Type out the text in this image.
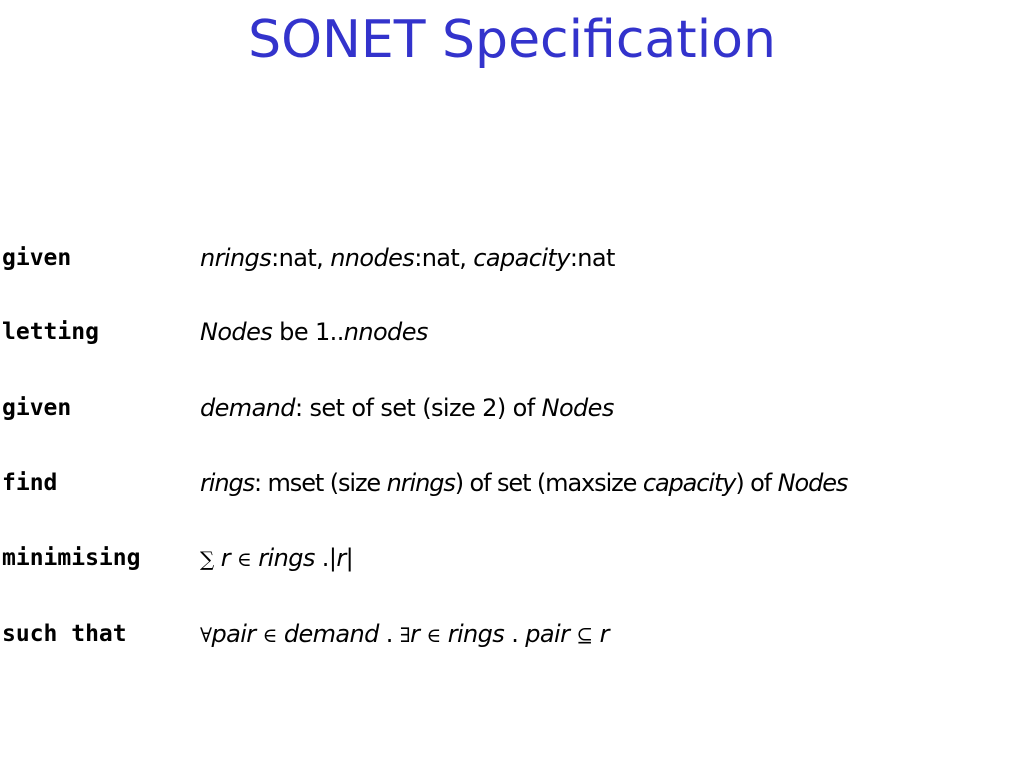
SONET Specification
given	nrings:nat, nnodes:nat, capacity:nat
letting	Nodes be 1..nnodes
given	demand: set of set (size 2) of Nodes
find	rings: mset (size nrings) of set (maxsize capacity) of Nodes
minimising	∑ r ∈ rings .|r|
such that	∀pair ∈ demand . ∃r ∈ rings . pair ⊆ r
